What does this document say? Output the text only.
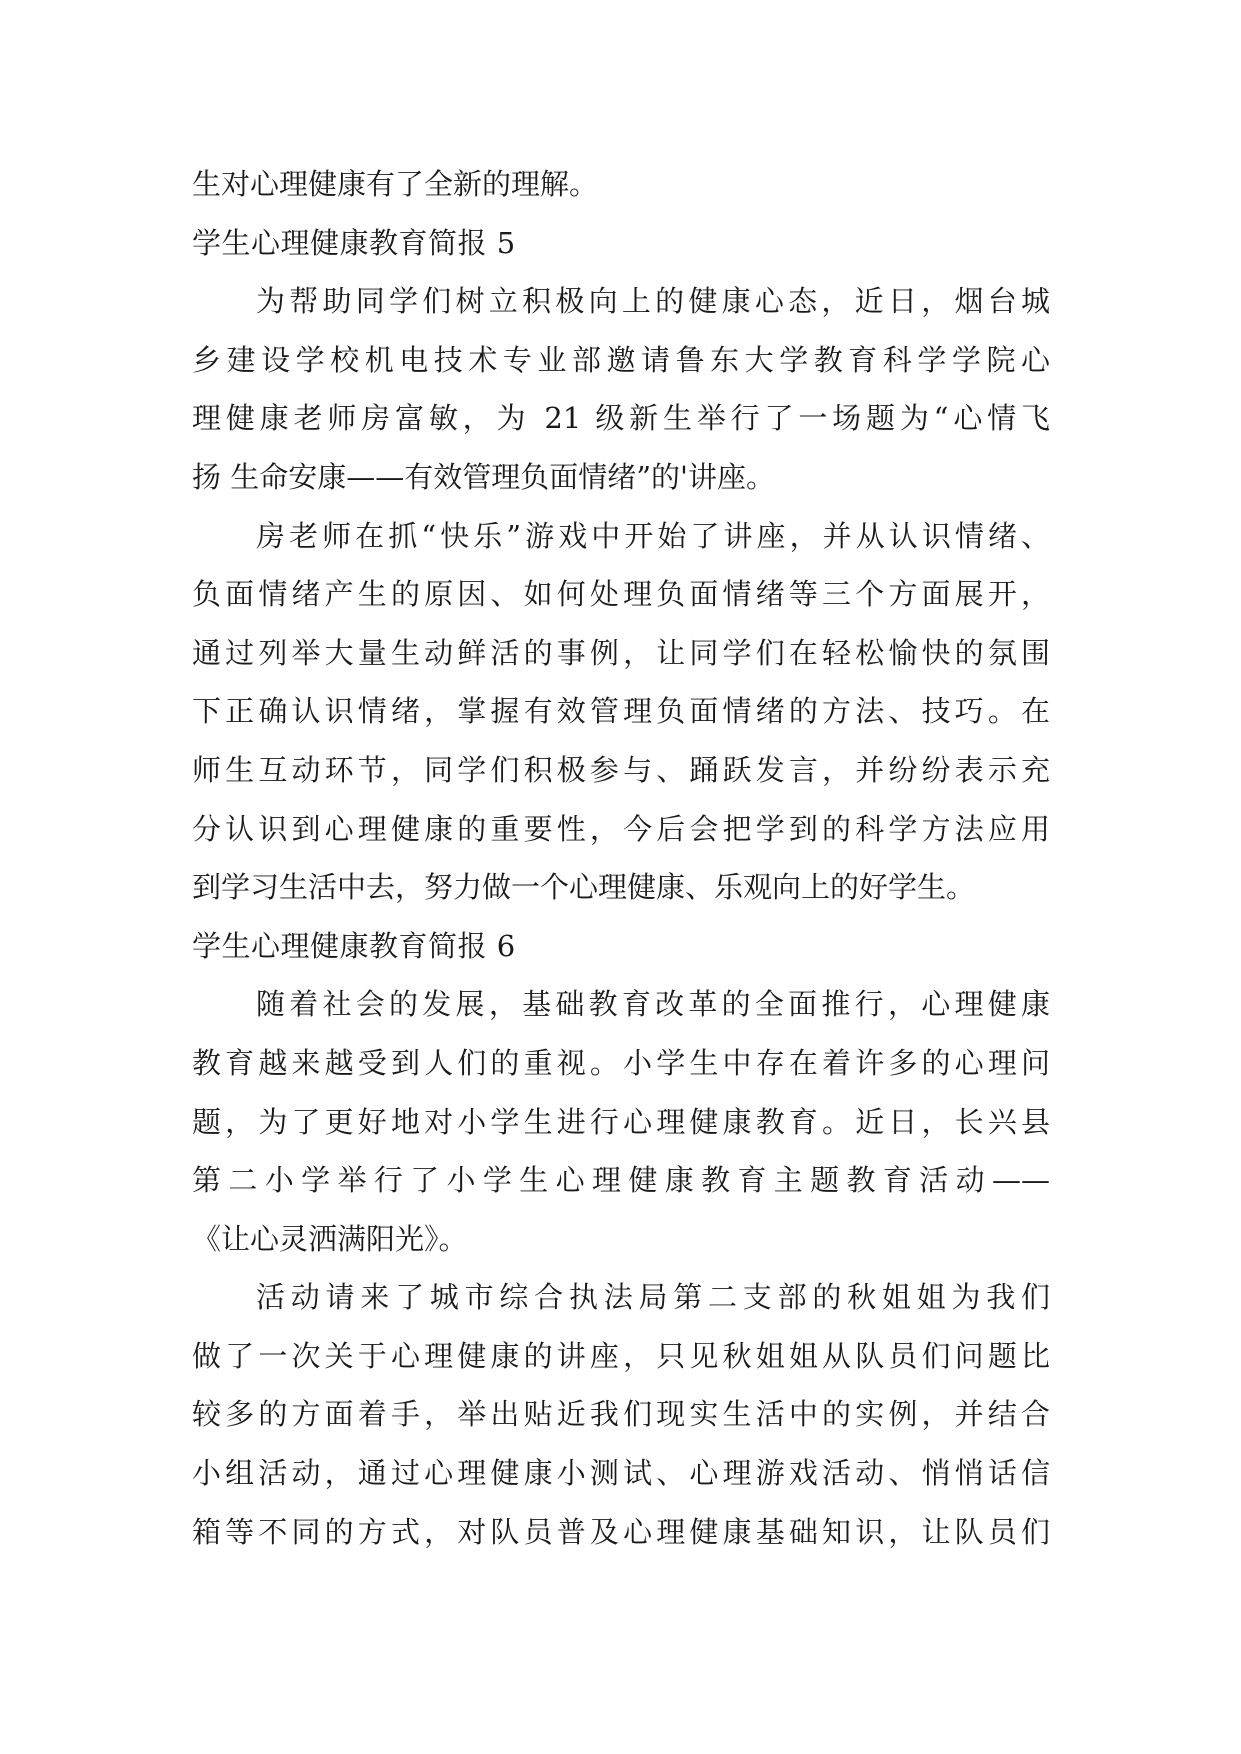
生对心理健康有了全新的理解。
学生心理健康教育简报 5
为帮助同学们树立积极向上的健康心态，近日，烟台城
乡建设学校机电技术专业部邀请鲁东大学教育科学学院心
理健康老师房富敏，为 21 级新生举行了一场题为“心情飞
扬 生命安康——有效管理负面情绪”的'讲座。
房老师在抓“快乐”游戏中开始了讲座，并从认识情绪、
负面情绪产生的原因、如何处理负面情绪等三个方面展开，
通过列举大量生动鲜活的事例，让同学们在轻松愉快的氛围
下正确认识情绪，掌握有效管理负面情绪的方法、技巧。在
师生互动环节，同学们积极参与、踊跃发言，并纷纷表示充
分认识到心理健康的重要性，今后会把学到的科学方法应用
到学习生活中去，努力做一个心理健康、乐观向上的好学生。
学生心理健康教育简报 6
随着社会的发展，基础教育改革的全面推行，心理健康
教育越来越受到人们的重视。小学生中存在着许多的心理问
题，为了更好地对小学生进行心理健康教育。近日，长兴县
第二小学举行了小学生心理健康教育主题教育活动——
《让心灵洒满阳光》。
活动请来了城市综合执法局第二支部的秋姐姐为我们
做了一次关于心理健康的讲座，只见秋姐姐从队员们问题比
较多的方面着手，举出贴近我们现实生活中的实例，并结合
小组活动，通过心理健康小测试、心理游戏活动、悄悄话信
箱等不同的方式，对队员普及心理健康基础知识，让队员们
